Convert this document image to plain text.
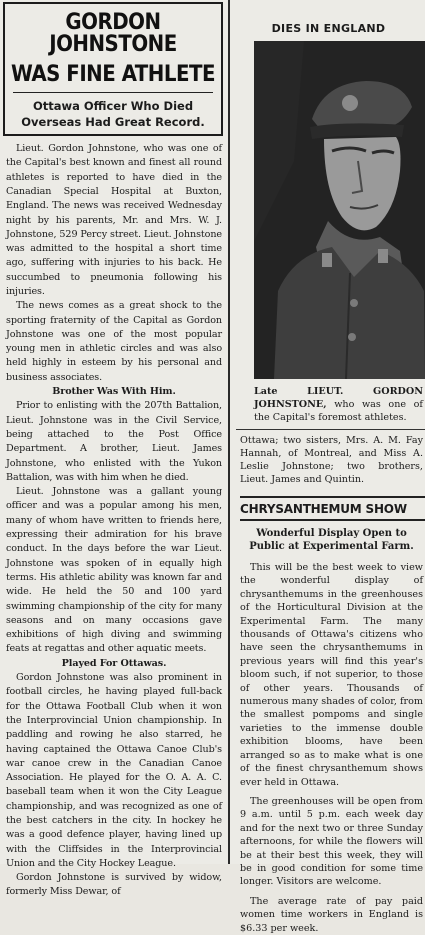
GORDON JOHNSTONE
WAS FINE ATHLETE
Ottawa Officer Who Died Overseas Had Great Record.

Lieut. Gordon Johnstone, who was one of the Capital's best known and finest all round athletes is reported to have died in the Canadian Special Hospital at Buxton, England. The news was received Wednesday night by his parents, Mr. and Mrs. W. J. Johnstone, 529 Percy street. Lieut. Johnstone was admitted to the hospital a short time ago, suffering with injuries to his back. He succumbed to pneumonia following his injuries.

The news comes as a great shock to the sporting fraternity of the Capital as Gordon Johnstone was one of the most popular young men in athletic circles and was also held highly in esteem by his personal and business associates.

Brother Was With Him.

Prior to enlisting with the 207th Battalion, Lieut. Johnstone was in the Civil Service, being attached to the Post Office Department. A brother, Lieut. James Johnstone, who enlisted with the Yukon Battalion, was with him when he died.

Lieut. Johnstone was a gallant young officer and was a popular among his men, many of whom have written to friends here, expressing their admiration for his brave conduct. In the days before the war Lieut. Johnstone was spoken of in equally high terms. His athletic ability was known far and wide. He held the 50 and 100 yard swimming championship of the city for many seasons and on many occasions gave exhibitions of high diving and swimming feats at regattas and other aquatic meets.

Played For Ottawas.

Gordon Johnstone was also prominent in football circles, he having played full-back for the Ottawa Football Club when it won the Interprovincial Union championship. In paddling and rowing he also starred, he having captained the Ottawa Canoe Club's war canoe crew in the Canadian Canoe Association. He played for the O. A. A. C. baseball team when it won the City League championship, and was recognized as one of the best catchers in the city. In hockey he was a good defence player, having lined up with the Cliffsides in the Interprovincial Union and the City Hockey League.

Gordon Johnstone is survived by widow, formerly Miss Dewar, of

DIES IN ENGLAND
Late LIEUT. GORDON JOHNSTONE, who was one of the Capital's foremost athletes.
Ottawa; two sisters, Mrs. A. M. Fay Hannah, of Montreal, and Miss A. Leslie Johnstone; two brothers, Lieut. James and Quintin.
CHRYSANTHEMUM SHOW
Wonderful Display Open to Public at Experimental Farm.

This will be the best week to view the wonderful display of chrysanthemums in the greenhouses of the Horticultural Division at the Experimental Farm. The many thousands of Ottawa's citizens who have seen the chrysanthemums in previous years will find this year's bloom such, if not superior, to those of other years. Thousands of numerous many shades of color, from the smallest pompoms and single varieties to the immense double exhibition blooms, have been arranged so as to make what is one of the finest chrysanthemum shows ever held in Ottawa.

The greenhouses will be open from 9 a.m. until 5 p.m. each week day and for the next two or three Sunday afternoons, for while the flowers will be at their best this week, they will be in good condition for some time longer. Visitors are welcome.

The average rate of pay paid women time workers in England is $6.33 per week.
